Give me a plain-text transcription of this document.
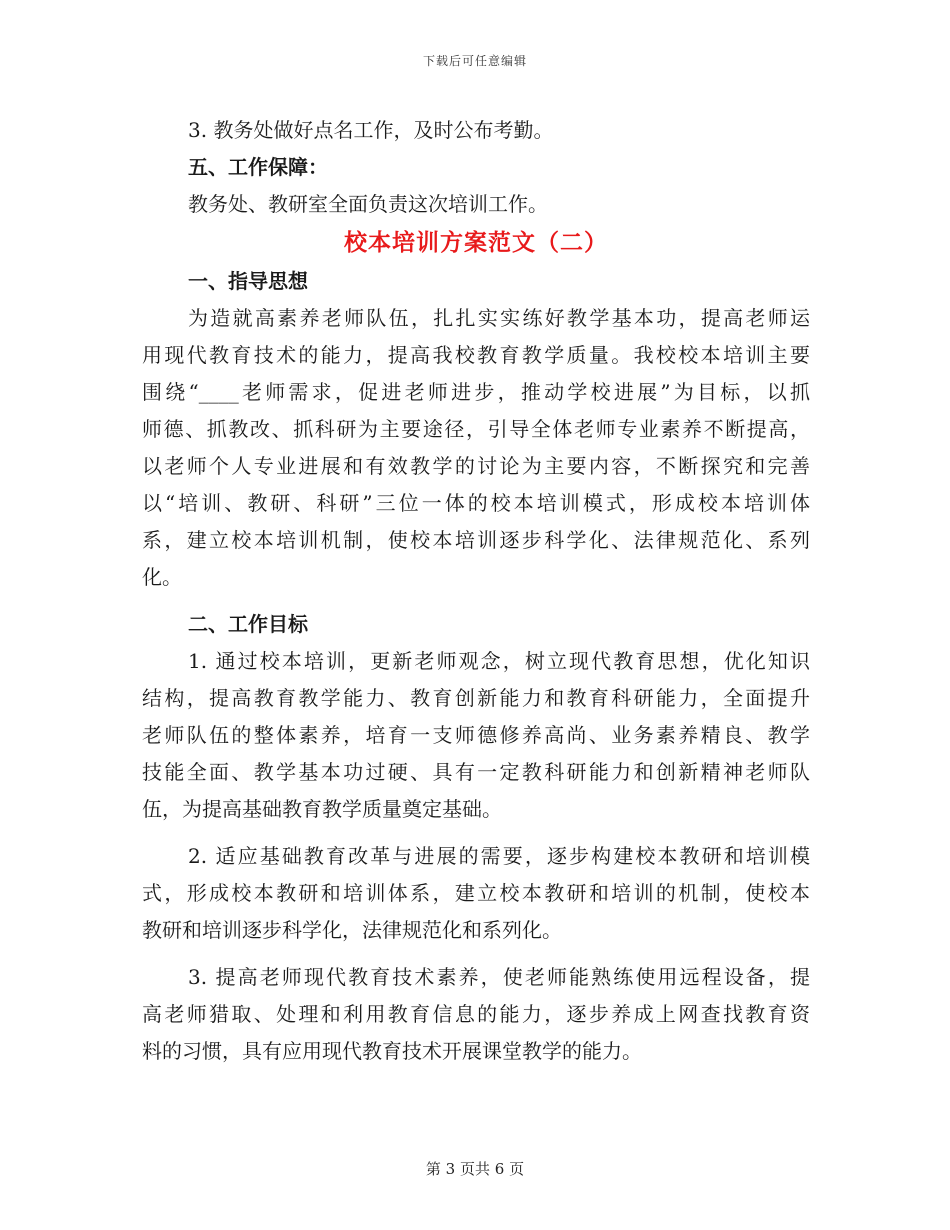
下载后可任意编辑
3. 教务处做好点名工作，及时公布考勤。
五、工作保障：
教务处、教研室全面负责这次培训工作。
校本培训方案范文（二）
一、指导思想
为造就高素养老师队伍，扎扎实实练好教学基本功，提高老师运
用现代教育技术的能力，提高我校教育教学质量。我校校本培训主要
围绕“____老师需求，促进老师进步，推动学校进展”为目标，以抓
师德、抓教改、抓科研为主要途径，引导全体老师专业素养不断提高，
以老师个人专业进展和有效教学的讨论为主要内容，不断探究和完善
以“培训、教研、科研”三位一体的校本培训模式，形成校本培训体
系，建立校本培训机制，使校本培训逐步科学化、法律规范化、系列
化。
二、工作目标
1. 通过校本培训，更新老师观念，树立现代教育思想，优化知识
结构，提高教育教学能力、教育创新能力和教育科研能力，全面提升
老师队伍的整体素养，培育一支师德修养高尚、业务素养精良、教学
技能全面、教学基本功过硬、具有一定教科研能力和创新精神老师队
伍，为提高基础教育教学质量奠定基础。
2. 适应基础教育改革与进展的需要，逐步构建校本教研和培训模
式，形成校本教研和培训体系，建立校本教研和培训的机制，使校本
教研和培训逐步科学化，法律规范化和系列化。
3. 提高老师现代教育技术素养，使老师能熟练使用远程设备，提
高老师猎取、处理和利用教育信息的能力，逐步养成上网查找教育资
料的习惯，具有应用现代教育技术开展课堂教学的能力。
第 3 页共 6 页
